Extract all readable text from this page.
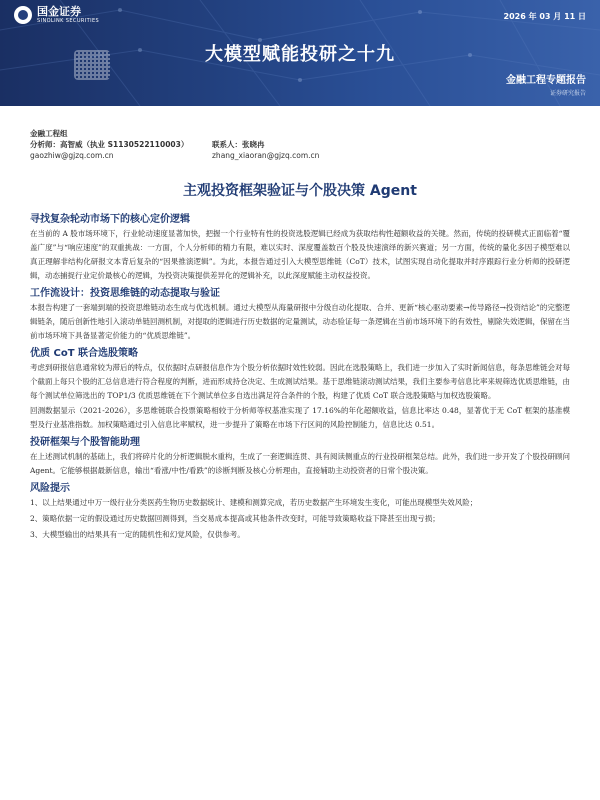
国金证券
SINOLINK SECURITIES	2026 年 03 月 11 日
大模型赋能投研之十九
金融工程专题报告
证券研究报告
金融工程组
分析师：高智威（执业 S1130522110003）
gaozhiw@gjzq.com.cn
联系人：张晓冉
zhang_xiaoran@gjzq.com.cn
主观投资框架验证与个股决策 Agent
寻找复杂轮动市场下的核心定价逻辑

在当前的 A 股市场环境下，行业轮动速度显著加快，把握一个行业特有性的投资选股逻辑已经成为获取结构性超额收益的关键。然而，传统的投研模式正面临着“覆盖广度”与“响应速度”的双重挑战：一方面，个人分析师的精力有限，难以实时、深度覆盖数百个股及快速演绎的新兴赛道；另一方面，传统的量化多因子模型难以真正理解非结构化研报文本背后复杂的“因果推演逻辑”。为此，本报告通过引入大模型思维链（CoT）技术，试图实现自动化提取并时序跟踪行业分析师的投研逻辑，动态捕捉行业定价最核心的逻辑，为投资决策提供差异化的逻辑补充，以此深度赋能主动权益投资。

工作流设计：投资思维链的动态提取与验证

本报告构建了一套端到端的投资思维链动态生成与优选机制。通过大模型从海量研报中分级自动化提取、合并、更新“核心驱动要素→传导路径→投资结论”的完整逻辑链条，随后创新性地引入滚动单链回测机制，对提取的逻辑进行历史数据的定量测试，动态验证每一条逻辑在当前市场环境下的有效性，剔除失效逻辑，保留在当前市场环境下具备显著定价能力的“优质思维链”。

优质 CoT 联合选股策略

考虑到研报信息通常较为滞后的特点，仅依据时点研报信息作为个股分析依据时效性较弱。因此在选股策略上，我们进一步加入了实时新闻信息，每条思维链会对每个截面上每只个股的汇总信息进行符合程度的判断，进而形成持仓决定、生成测试结果。基于思维链滚动测试结果，我们主要参考信息比率来规筛选优质思维链，由每个测试单位筛选出的 TOP1/3 优质思维链在下个测试单位多自选出满足符合条件的个股，构建了优质 CoT 联合选股策略与加权选股策略。

回测数据显示（2021-2026），多思维链联合投票策略相较于分析师等权基准实现了 17.16%的年化超额收益，信息比率达 0.48，显著优于无 CoT 框架的基准模型及行业基准指数。加权策略通过引入信息比率赋权，进一步提升了策略在市场下行区间的风险控制能力，信息比达 0.51。

投研框架与个股智能助理

在上述测试机制的基础上，我们将碎片化的分析逻辑脱水重构，生成了一套逻辑连贯、具有阅读侧重点的行业投研框架总结。此外，我们进一步开发了个股投研顾问 Agent。它能够根据最新信息，输出“看涨/中性/看跌”的诊断判断及核心分析理由，直接辅助主动投资者的日常个股决策。

风险提示

1、以上结果通过中万一级行业分类医药生物历史数据统计、建模和测算完成，若历史数据产生环境发生变化，可能出现模型失效风险；

2、策略依据一定的假设通过历史数据回测得到，当交易成本提高或其他条件改变时，可能导致策略收益下降甚至出现亏损；

3、大模型输出的结果具有一定的随机性和幻觉风险，仅供参考。
